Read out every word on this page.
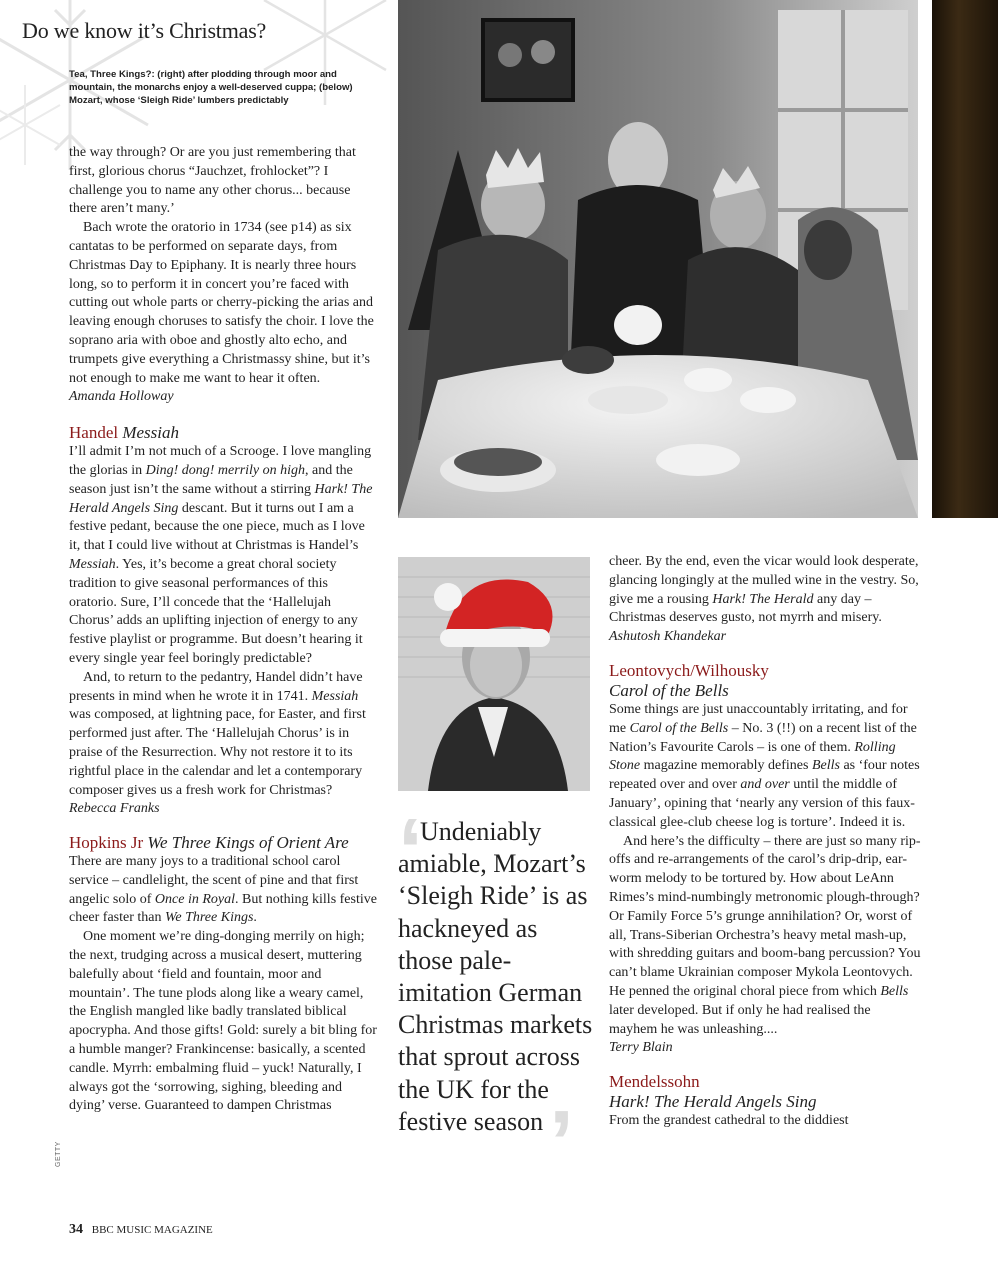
Do we know it’s Christmas?
Tea, Three Kings?: (right) after plodding through moor and mountain, the monarchs enjoy a well-deserved cuppa; (below) Mozart, whose ‘Sleigh Ride’ lumbers predictably

the way through? Or are you just remembering that first, glorious chorus “Jauchzet, frohlocket”? I challenge you to name any other chorus... because there aren’t many.’

Bach wrote the oratorio in 1734 (see p14) as six cantatas to be performed on separate days, from Christmas Day to Epiphany. It is nearly three hours long, so to perform it in concert you’re faced with cutting out whole parts or cherry-picking the arias and leaving enough choruses to satisfy the choir. I love the soprano aria with oboe and ghostly alto echo, and trumpets give everything a Christmassy shine, but it’s not enough to make me want to hear it often.

Amanda Holloway

Handel Messiah

I’ll admit I’m not much of a Scrooge. I love mangling the glorias in Ding! dong! merrily on high, and the season just isn’t the same without a stirring Hark! The Herald Angels Sing descant. But it turns out I am a festive pedant, because the one piece, much as I love it, that I could live without at Christmas is Handel’s Messiah. Yes, it’s become a great choral society tradition to give seasonal performances of this oratorio. Sure, I’ll concede that the ‘Hallelujah Chorus’ adds an uplifting injection of energy to any festive playlist or programme. But doesn’t hearing it every single year feel boringly predictable?

And, to return to the pedantry, Handel didn’t have presents in mind when he wrote it in 1741. Messiah was composed, at lightning pace, for Easter, and first performed just after. The ‘Hallelujah Chorus’ is in praise of the Resurrection. Why not restore it to its rightful place in the calendar and let a contemporary composer gives us a fresh work for Christmas?

Rebecca Franks

Hopkins Jr We Three Kings of Orient Are

There are many joys to a traditional school carol service – candlelight, the scent of pine and that first angelic solo of Once in Royal. But nothing kills festive cheer faster than We Three Kings.

One moment we’re ding-donging merrily on high; the next, trudging across a musical desert, muttering balefully about ‘field and fountain, moor and mountain’. The tune plods along like a weary camel, the English mangled like badly translated biblical apocrypha. And those gifts! Gold: surely a bit bling for a humble manger? Frankincense: basically, a scented candle. Myrrh: embalming fluid – yuck! Naturally, I always got the ‘sorrowing, sighing, bleeding and dying’ verse. Guaranteed to dampen Christmas

‘
Undeniably amiable, Mozart’s ‘Sleigh Ride’ is as hackneyed as those pale-imitation German Christmas markets that sprout across the UK for the festive season ’

cheer. By the end, even the vicar would look desperate, glancing longingly at the mulled wine in the vestry. So, give me a rousing Hark! The Herald any day – Christmas deserves gusto, not myrrh and misery.

Ashutosh Khandekar

Leontovych/Wilhousky
Carol of the Bells

Some things are just unaccountably irritating, and for me Carol of the Bells – No. 3 (!!) on a recent list of the Nation’s Favourite Carols – is one of them. Rolling Stone magazine memorably defines Bells as ‘four notes repeated over and over and over until the middle of January’, opining that ‘nearly any version of this faux-classical glee-club cheese log is torture’. Indeed it is.

And here’s the difficulty – there are just so many rip-offs and re-arrangements of the carol’s drip-drip, ear-worm melody to be tortured by. How about LeAnn Rimes’s mind-numbingly metronomic plough-through? Or Family Force 5’s grunge annihilation? Or, worst of all, Trans-Siberian Orchestra’s heavy metal mash-up, with shredding guitars and boom-bang percussion? You can’t blame Ukrainian composer Mykola Leontovych. He penned the original choral piece from which Bells later developed. But if only he had realised the mayhem he was unleashing....

Terry Blain

Mendelssohn
Hark! The Herald Angels Sing

From the grandest cathedral to the diddiest

GETTY
34 BBC MUSIC MAGAZINE
